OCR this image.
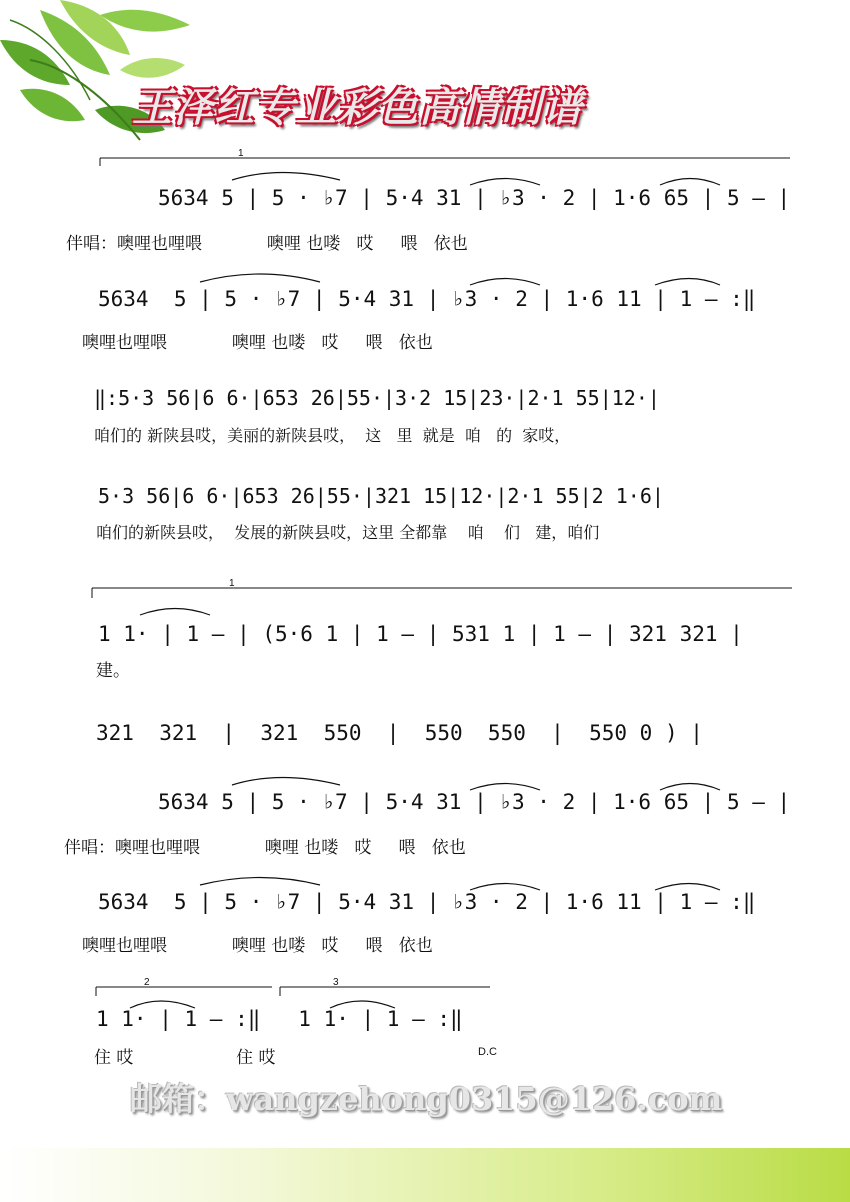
王泽红专业彩色高情制谱
1
1
2	3
5634 5 | 5 · ♭7 | 5·4 31 | ♭3 · 2 | 1·6 65 | 5 – |
伴唱：噢哩也哩喂            噢哩 也喽   哎     喂   依也
5634  5 | 5 · ♭7 | 5·4 31 | ♭3 · 2 | 1·6 11 | 1 – :‖
噢哩也哩喂            噢哩 也喽   哎     喂   依也
‖:5·3 56|6 6·|653 26|55·|3·2 15|23·|2·1 55|12·|
咱们的 新陕县哎，美丽的新陕县哎，  这   里  就是  咱   的  家哎，
5·3 56|6 6·|653 26|55·|321 15|12·|2·1 55|2 1·6|
咱们的新陕县哎，  发展的新陕县哎，这里 全都靠    咱    们   建，咱们
1 1· | 1 – | (5·6 1 | 1 – | 531 1 | 1 – | 321 321 |
建。
321  321  |  321  550  |  550  550  |  550 0 ) |
5634 5 | 5 · ♭7 | 5·4 31 | ♭3 · 2 | 1·6 65 | 5 – |
伴唱：噢哩也哩喂            噢哩 也喽   哎     喂   依也
5634  5 | 5 · ♭7 | 5·4 31 | ♭3 · 2 | 1·6 11 | 1 – :‖
噢哩也哩喂            噢哩 也喽   哎     喂   依也
1 1· | 1 – :‖   1 1· | 1 – :‖
住 哎                   住 哎	D.C
邮箱：wangzehong0315@126.com
